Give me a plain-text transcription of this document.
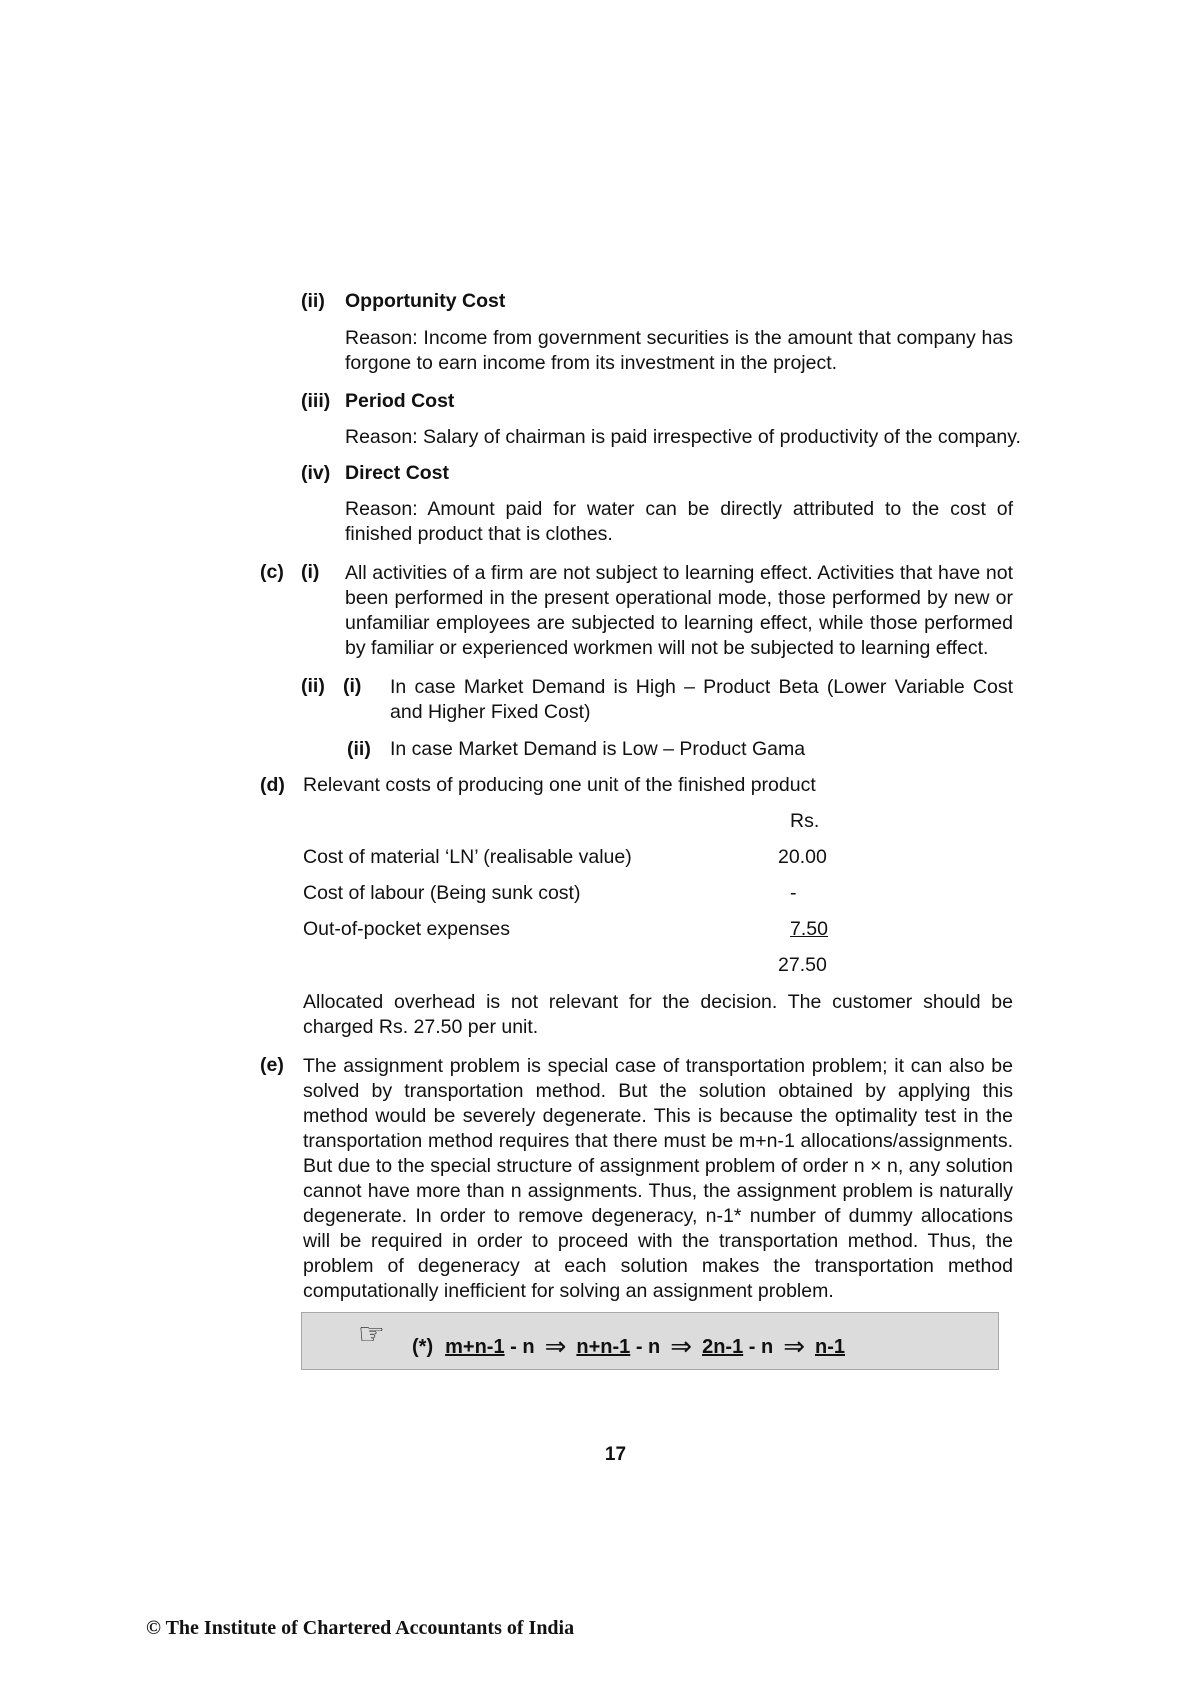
(ii) Opportunity Cost
Reason: Income from government securities is the amount that company has forgone to earn income from its investment in the project.
(iii) Period Cost
Reason: Salary of chairman is paid irrespective of productivity of the company.
(iv) Direct Cost
Reason: Amount paid for water can be directly attributed to the cost of finished product that is clothes.
(c) (i) All activities of a firm are not subject to learning effect. Activities that have not been performed in the present operational mode, those performed by new or unfamiliar employees are subjected to learning effect, while those performed by familiar or experienced workmen will not be subjected to learning effect.
(ii) (i) In case Market Demand is High – Product Beta (Lower Variable Cost and Higher Fixed Cost)
(ii) In case Market Demand is Low – Product Gama
(d) Relevant costs of producing one unit of the finished product
Rs.
Cost of material ‘LN’ (realisable value)	20.00
Cost of labour (Being sunk cost)	-
Out-of-pocket expenses	7.50
27.50
Allocated overhead is not relevant for the decision. The customer should be charged Rs. 27.50 per unit.
(e) The assignment problem is special case of transportation problem; it can also be solved by transportation method. But the solution obtained by applying this method would be severely degenerate. This is because the optimality test in the transportation method requires that there must be m+n-1 allocations/assignments. But due to the special structure of assignment problem of order n × n, any solution cannot have more than n assignments. Thus, the assignment problem is naturally degenerate. In order to remove degeneracy, n-1* number of dummy allocations will be required in order to proceed with the transportation method. Thus, the problem of degeneracy at each solution makes the transportation method computationally inefficient for solving an assignment problem.
☞ (*) m+n-1 - n ⇒ n+n-1 - n ⇒ 2n-1 - n ⇒ n-1
17
© The Institute of Chartered Accountants of India
